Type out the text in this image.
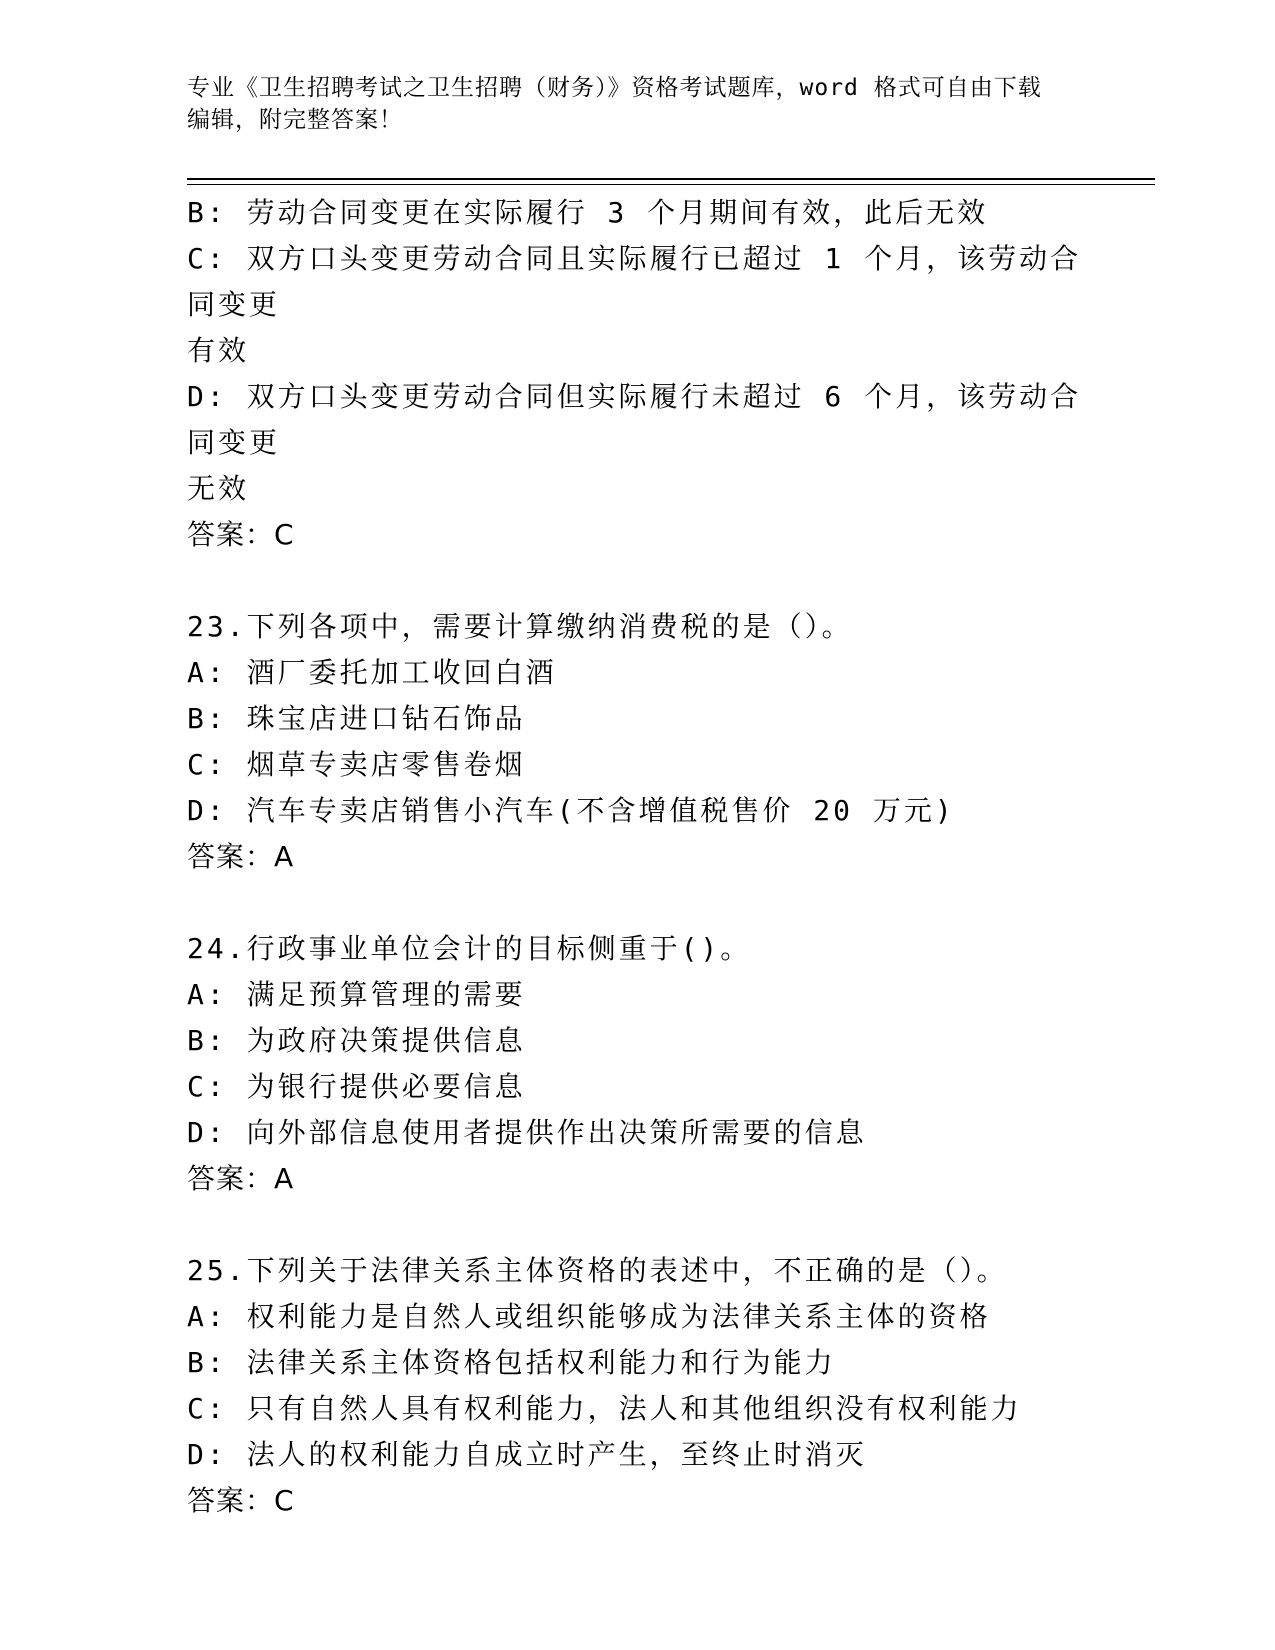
专业《卫生招聘考试之卫生招聘（财务）》资格考试题库，word 格式可自由下载
编辑，附完整答案！
B: 劳动合同变更在实际履行 3 个月期间有效，此后无效
C: 双方口头变更劳动合同且实际履行已超过 1 个月，该劳动合同变更
有效
D: 双方口头变更劳动合同但实际履行未超过 6 个月，该劳动合同变更
无效
答案：C
23.下列各项中，需要计算缴纳消费税的是（）。
A: 酒厂委托加工收回白酒
B: 珠宝店进口钻石饰品
C: 烟草专卖店零售卷烟
D: 汽车专卖店销售小汽车(不含增值税售价 20 万元)
答案：A
24.行政事业单位会计的目标侧重于()。
A: 满足预算管理的需要
B: 为政府决策提供信息
C: 为银行提供必要信息
D: 向外部信息使用者提供作出决策所需要的信息
答案：A
25.下列关于法律关系主体资格的表述中，不正确的是（）。
A: 权利能力是自然人或组织能够成为法律关系主体的资格
B: 法律关系主体资格包括权利能力和行为能力
C: 只有自然人具有权利能力，法人和其他组织没有权利能力
D: 法人的权利能力自成立时产生，至终止时消灭
答案：C
